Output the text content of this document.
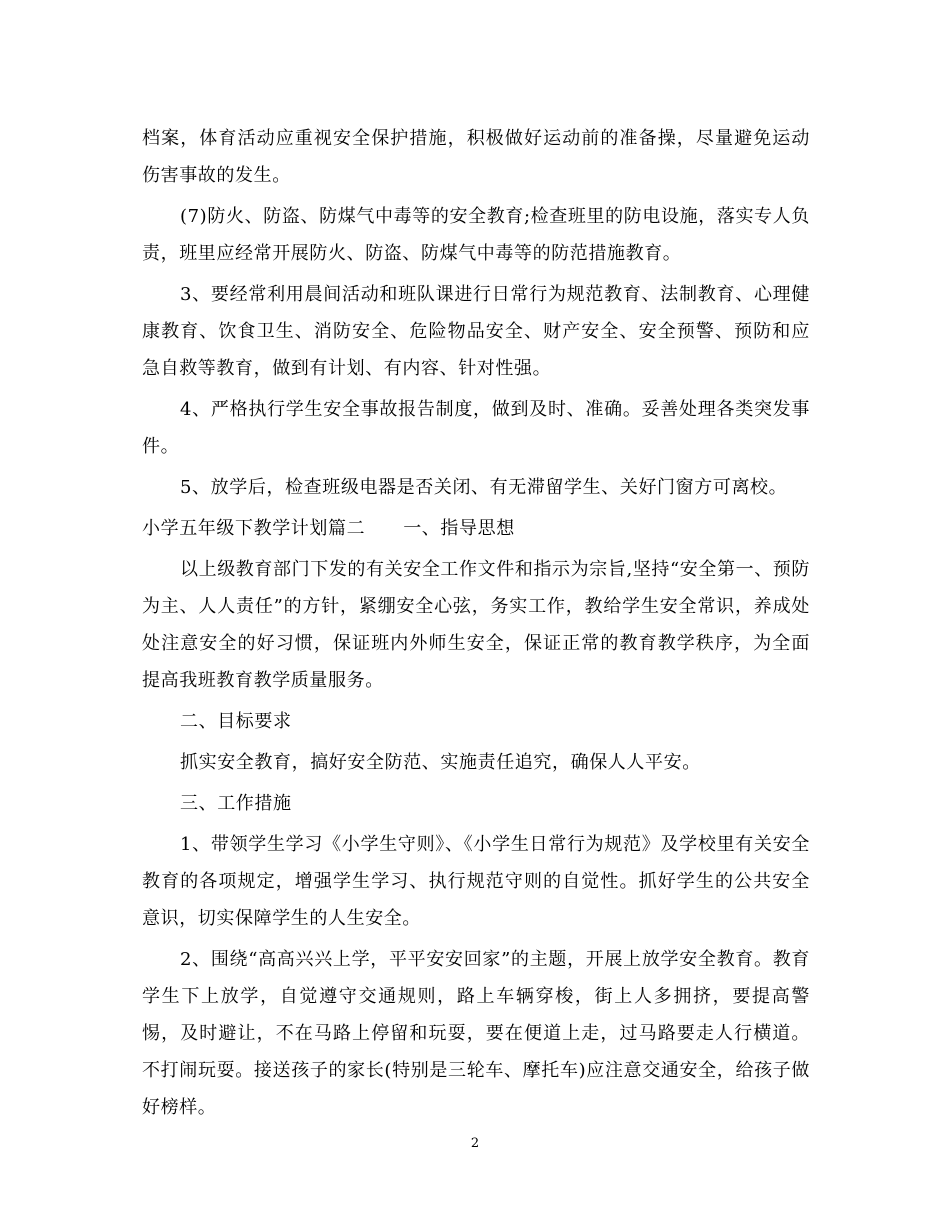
档案，体育活动应重视安全保护措施，积极做好运动前的准备操，尽量避免运动伤害事故的发生。

(7)防火、防盗、防煤气中毒等的安全教育;检查班里的防电设施，落实专人负责，班里应经常开展防火、防盗、防煤气中毒等的防范措施教育。

3、要经常利用晨间活动和班队课进行日常行为规范教育、法制教育、心理健康教育、饮食卫生、消防安全、危险物品安全、财产安全、安全预警、预防和应急自救等教育，做到有计划、有内容、针对性强。

4、严格执行学生安全事故报告制度，做到及时、准确。妥善处理各类突发事件。

5、放学后，检查班级电器是否关闭、有无滞留学生、关好门窗方可离校。

小学五年级下教学计划篇二 一、指导思想

以上级教育部门下发的有关安全工作文件和指示为宗旨,坚持“安全第一、预防为主、人人责任”的方针，紧绷安全心弦，务实工作，教给学生安全常识，养成处处注意安全的好习惯，保证班内外师生安全，保证正常的教育教学秩序，为全面提高我班教育教学质量服务。

二、目标要求

抓实安全教育，搞好安全防范、实施责任追究，确保人人平安。

三、工作措施

1、带领学生学习《小学生守则》、《小学生日常行为规范》及学校里有关安全教育的各项规定，增强学生学习、执行规范守则的自觉性。抓好学生的公共安全意识，切实保障学生的人生安全。

2、围绕“高高兴兴上学，平平安安回家”的主题，开展上放学安全教育。教育学生下上放学，自觉遵守交通规则，路上车辆穿梭，街上人多拥挤，要提高警惕，及时避让，不在马路上停留和玩耍，要在便道上走，过马路要走人行横道。不打闹玩耍。接送孩子的家长(特别是三轮车、摩托车)应注意交通安全，给孩子做好榜样。

2
